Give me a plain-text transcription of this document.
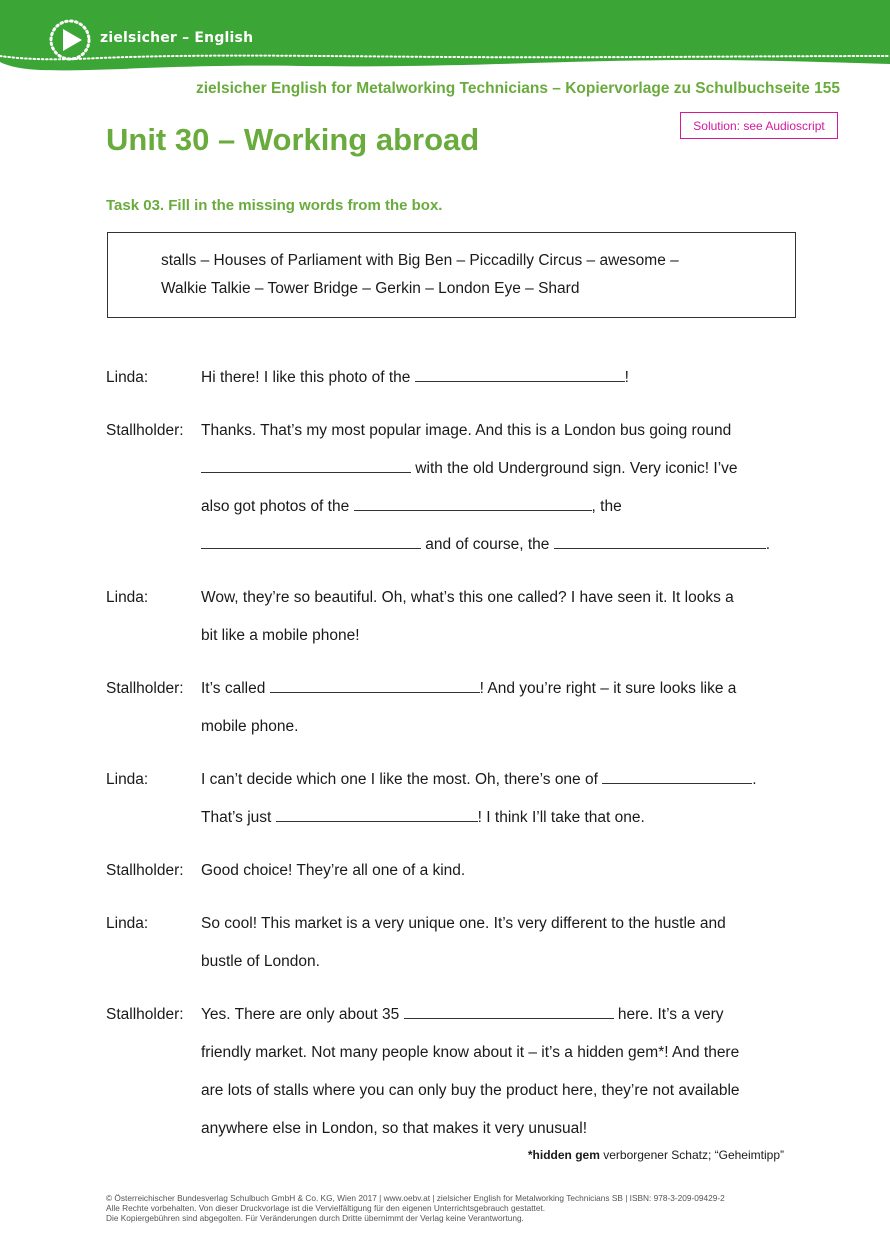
zielsicher – English
zielsicher English for Metalworking Technicians – Kopiervorlage zu Schulbuchseite 155
Solution: see Audioscript
Unit 30 – Working abroad
Task 03. Fill in the missing words from the box.
stalls – Houses of Parliament with Big Ben – Piccadilly Circus – awesome –
Walkie Talkie – Tower Bridge – Gerkin – London Eye – Shard
Linda:	Hi there! I like this photo of the	!
Stallholder:	Thanks. That’s my most popular image. And this is a London bus going round
with the old Underground sign. Very iconic! I’ve
also got photos of the	, the
and of course, the	.
Linda:	Wow, they’re so beautiful. Oh, what’s this one called? I have seen it. It looks a
bit like a mobile phone!
Stallholder:	It’s called	! And you’re right – it sure looks like a
mobile phone.
Linda:	I can’t decide which one I like the most. Oh, there’s one of	.
That’s just	! I think I’ll take that one.
Stallholder:	Good choice! They’re all one of a kind.
Linda:	So cool! This market is a very unique one. It’s very different to the hustle and
bustle of London.
Stallholder:	Yes. There are only about 35	here. It’s a very
friendly market. Not many people know about it – it’s a hidden gem*! And there
are lots of stalls where you can only buy the product here, they’re not available
anywhere else in London, so that makes it very unusual!
*hidden gem verborgener Schatz; “Geheimtipp”
© Österreichischer Bundesverlag Schulbuch GmbH & Co. KG, Wien 2017 | www.oebv.at | zielsicher English for Metalworking Technicians SB | ISBN: 978-3-209-09429-2
Alle Rechte vorbehalten. Von dieser Druckvorlage ist die Vervielfältigung für den eigenen Unterrichtsgebrauch gestattet.
Die Kopiergebühren sind abgegolten. Für Veränderungen durch Dritte übernimmt der Verlag keine Verantwortung.
